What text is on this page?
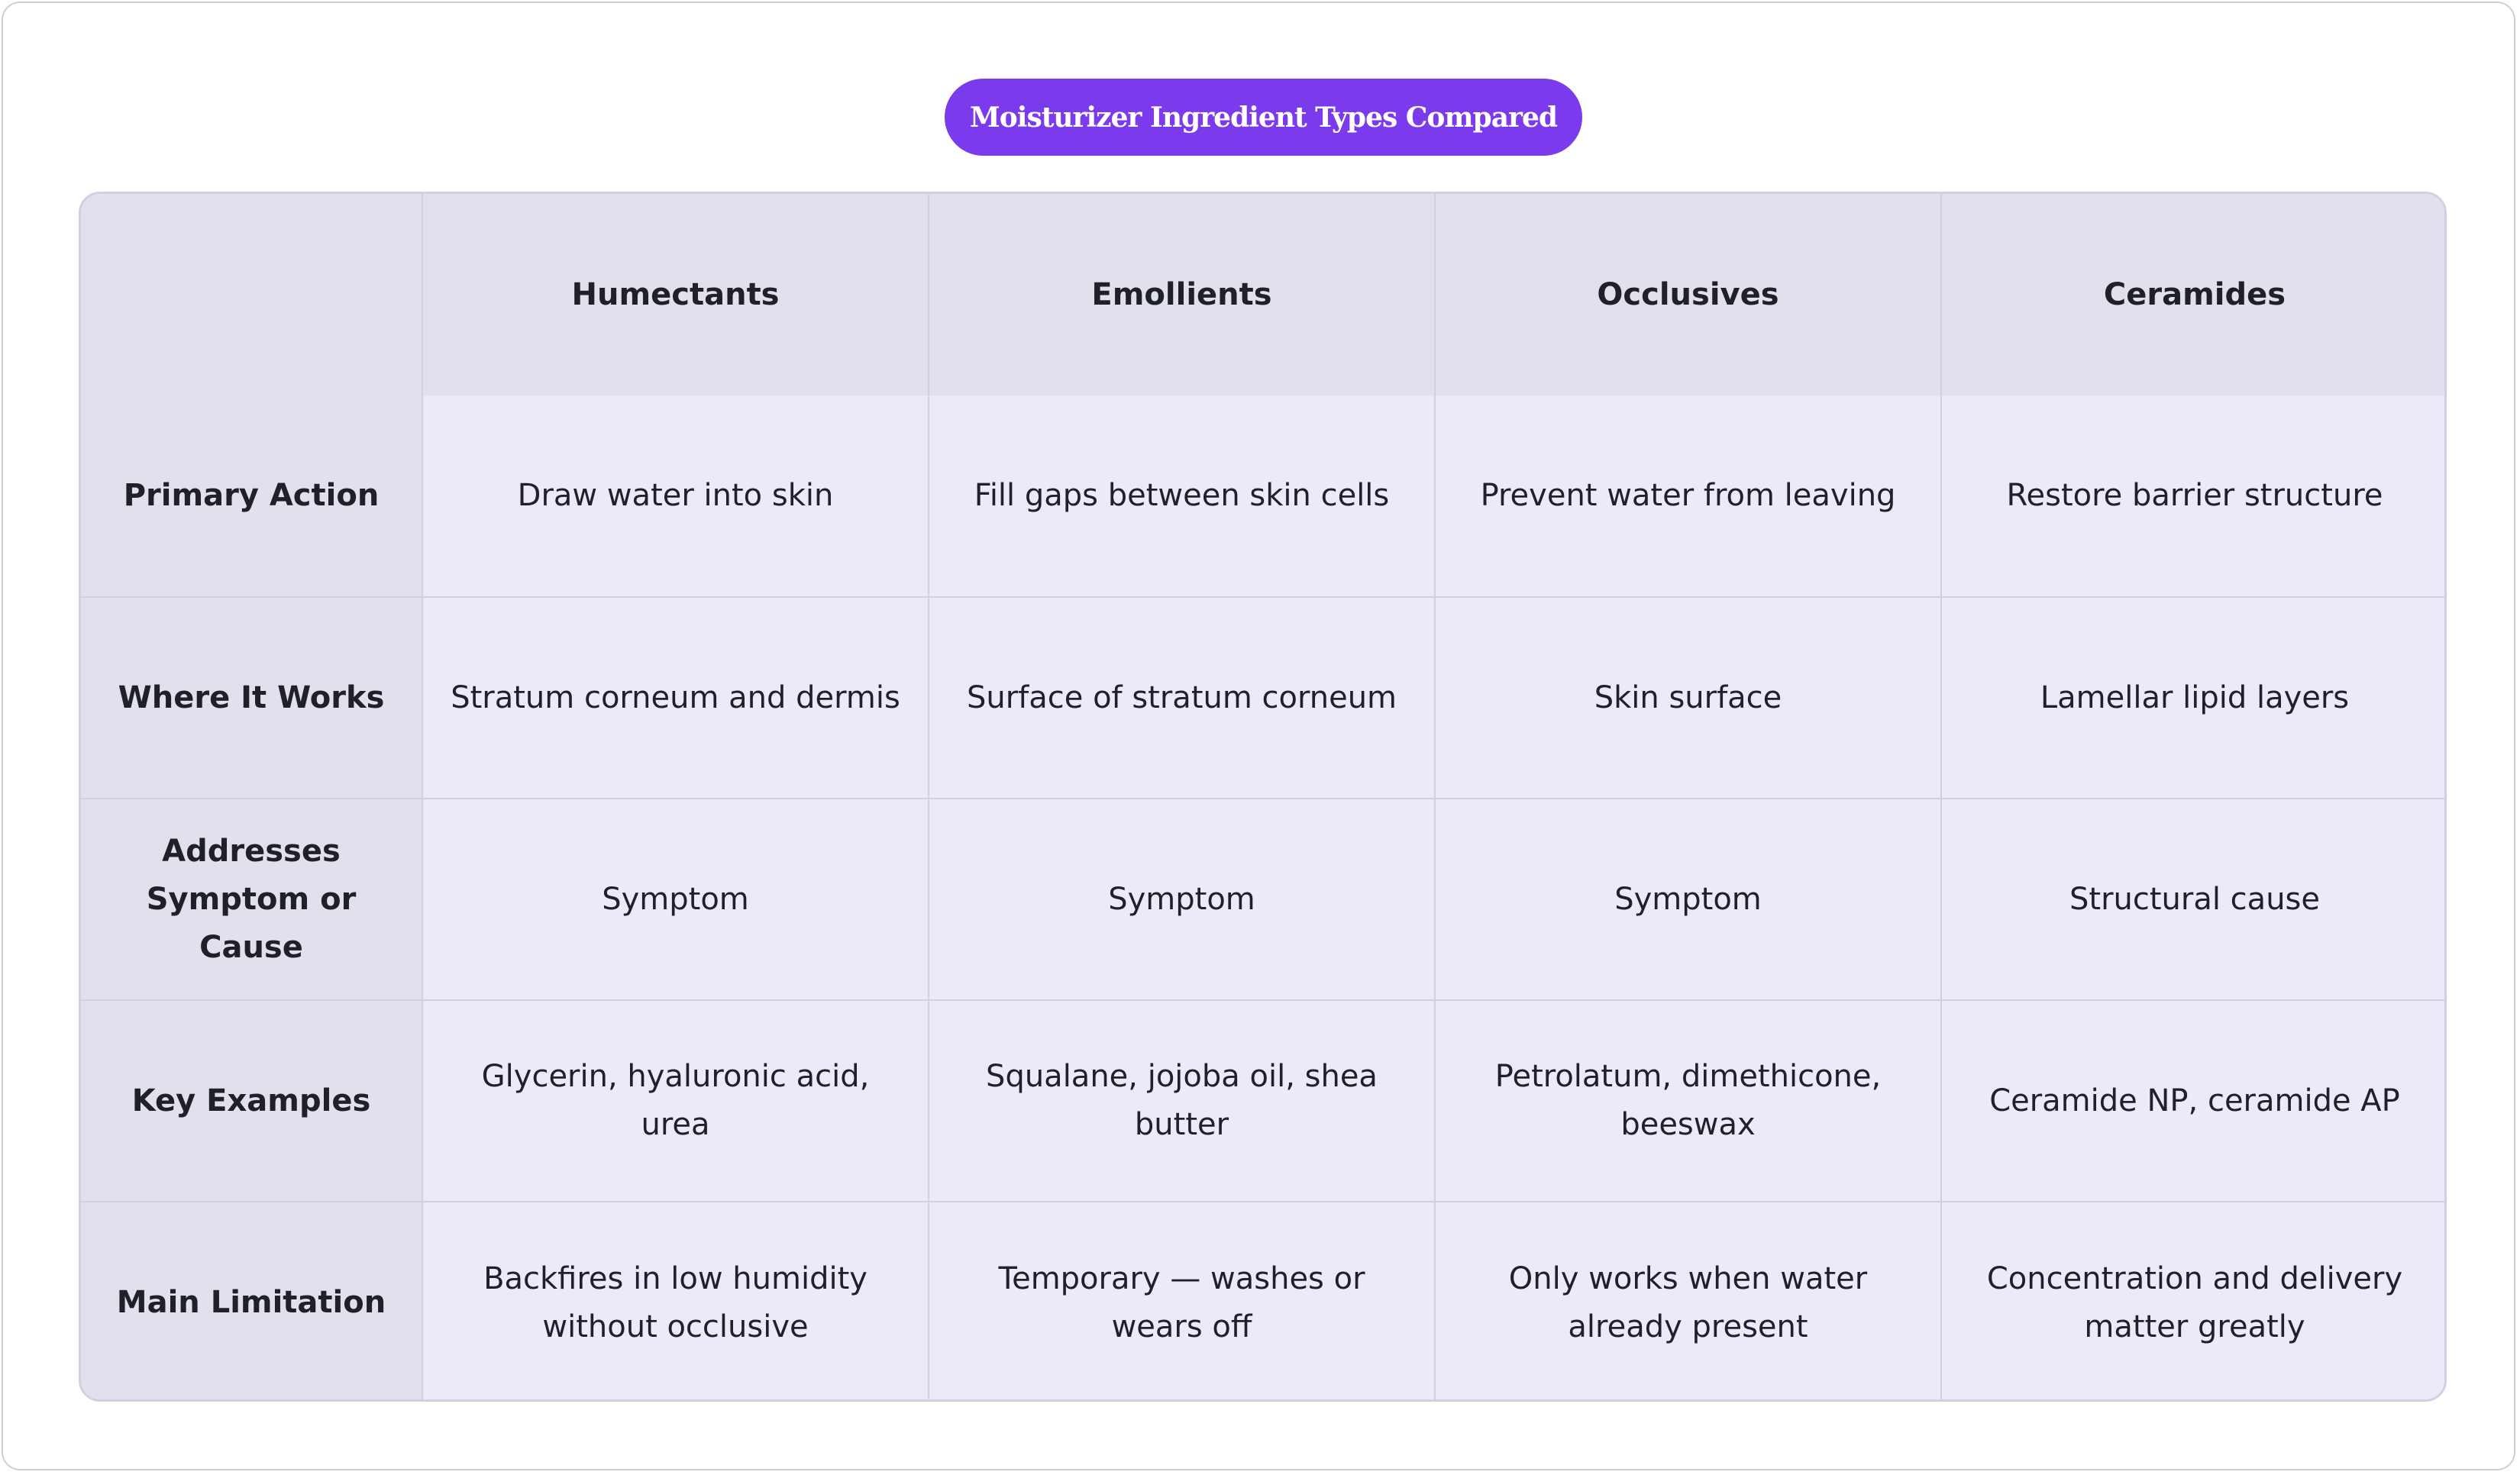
Moisturizer Ingredient Types Compared
	Humectants	Emollients	Occlusives	Ceramides
Primary Action	Draw water into skin	Fill gaps between skin cells	Prevent water from leaving	Restore barrier structure
Where It Works	Stratum corneum and dermis	Surface of stratum corneum	Skin surface	Lamellar lipid layers
Addresses Symptom or Cause	Symptom	Symptom	Symptom	Structural cause
Key Examples	Glycerin, hyaluronic acid, urea	Squalane, jojoba oil, shea butter	Petrolatum, dimethicone, beeswax	Ceramide NP, ceramide AP
Main Limitation	Backfires in low humidity without occlusive	Temporary — washes or wears off	Only works when water already present	Concentration and delivery matter greatly
